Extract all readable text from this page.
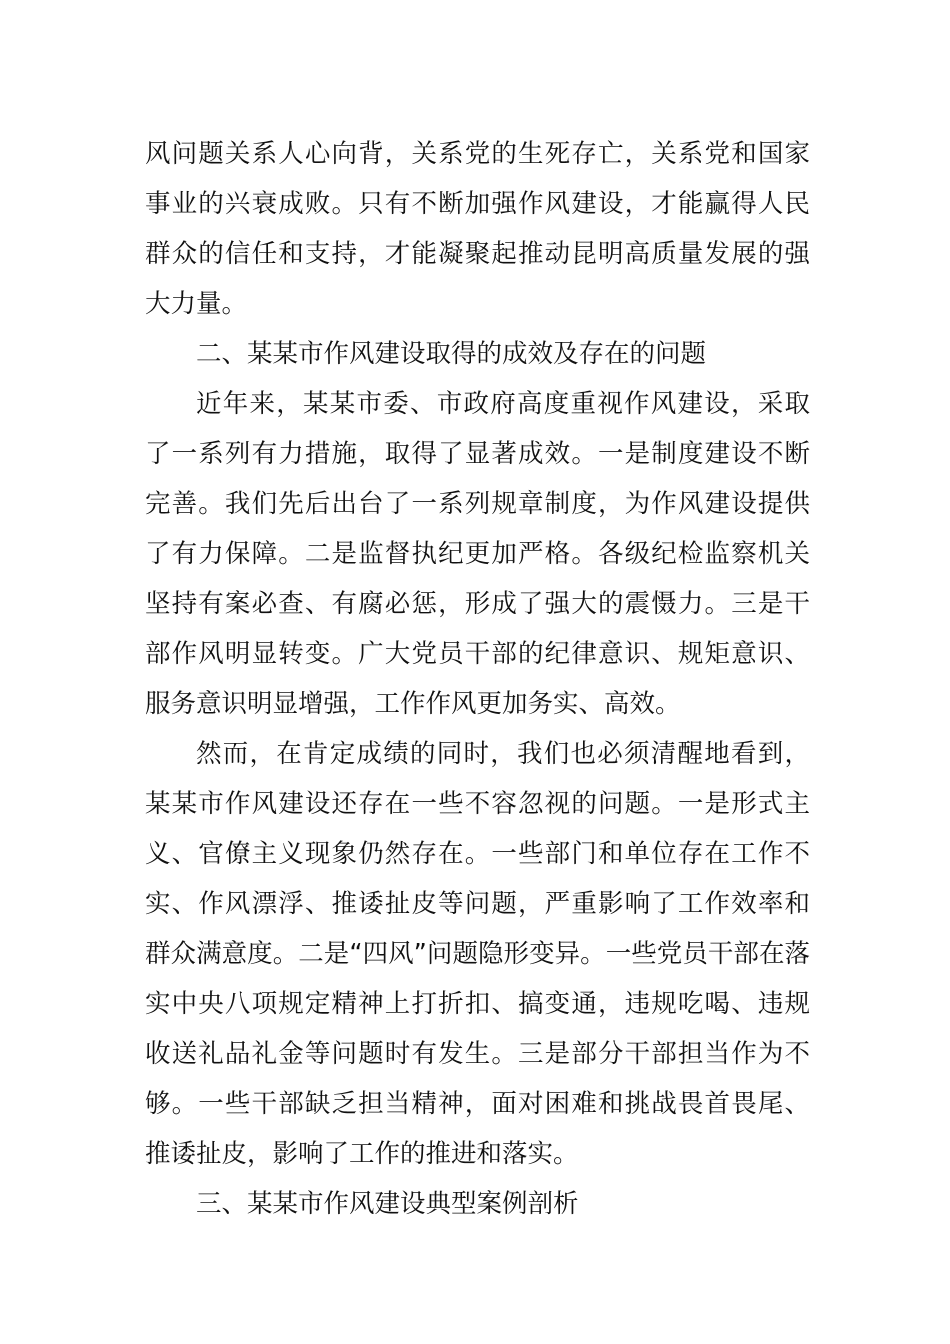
风问题关系人心向背，关系党的生死存亡，关系党和国家
事业的兴衰成败。只有不断加强作风建设，才能赢得人民
群众的信任和支持，才能凝聚起推动昆明高质量发展的强
大力量。
二、某某市作风建设取得的成效及存在的问题
近年来，某某市委、市政府高度重视作风建设，采取
了一系列有力措施，取得了显著成效。一是制度建设不断
完善。我们先后出台了一系列规章制度，为作风建设提供
了有力保障。二是监督执纪更加严格。各级纪检监察机关
坚持有案必查、有腐必惩，形成了强大的震慑力。三是干
部作风明显转变。广大党员干部的纪律意识、规矩意识、
服务意识明显增强，工作作风更加务实、高效。
然而，在肯定成绩的同时，我们也必须清醒地看到，
某某市作风建设还存在一些不容忽视的问题。一是形式主
义、官僚主义现象仍然存在。一些部门和单位存在工作不
实、作风漂浮、推诿扯皮等问题，严重影响了工作效率和
群众满意度。二是“四风”问题隐形变异。一些党员干部在落
实中央八项规定精神上打折扣、搞变通，违规吃喝、违规
收送礼品礼金等问题时有发生。三是部分干部担当作为不
够。一些干部缺乏担当精神，面对困难和挑战畏首畏尾、
推诿扯皮，影响了工作的推进和落实。
三、某某市作风建设典型案例剖析
